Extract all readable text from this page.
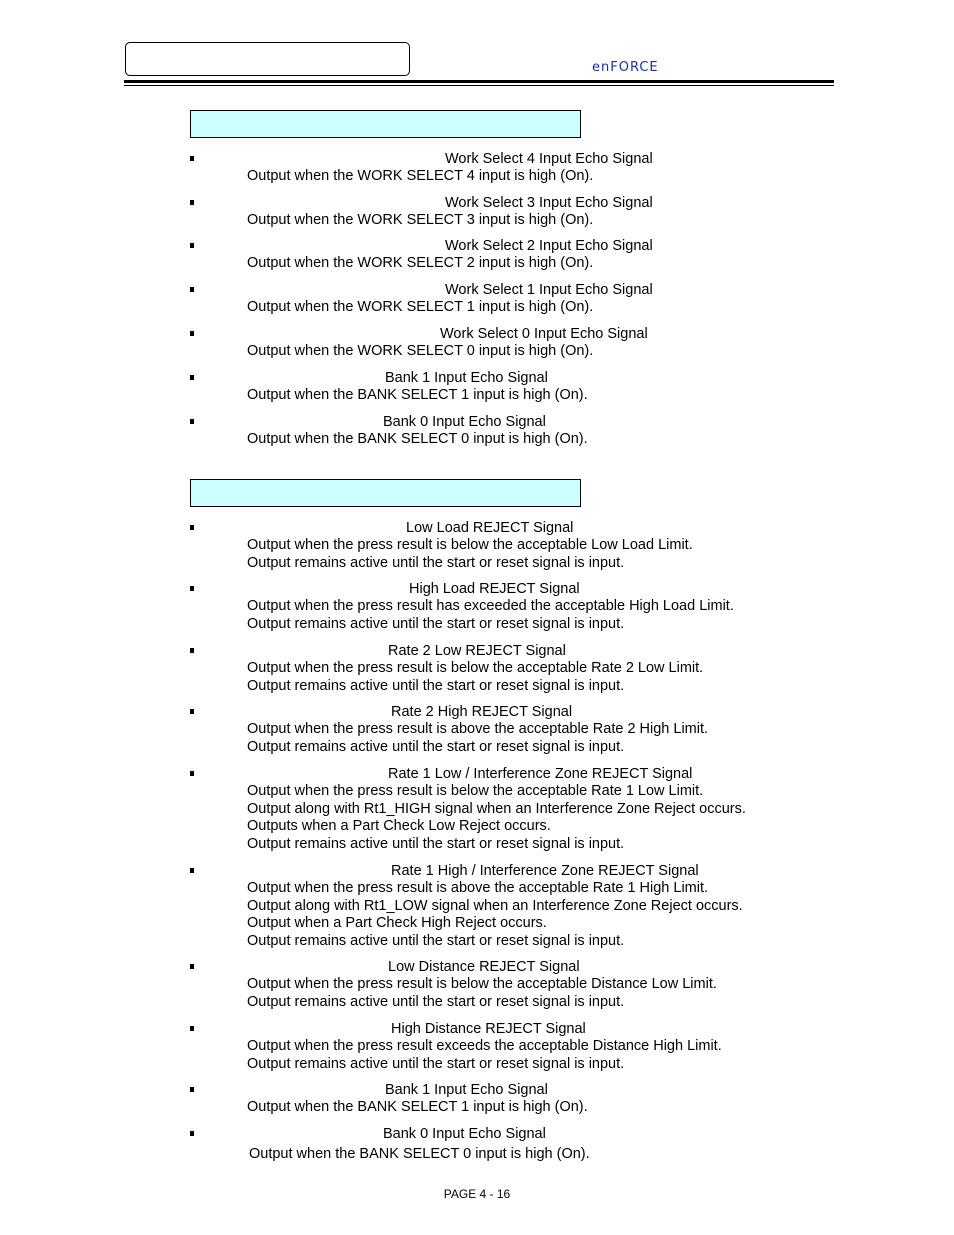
enFORCE
Work Select 4 Input Echo Signal
Output when the WORK SELECT 4 input is high (On).
Work Select 3 Input Echo Signal
Output when the WORK SELECT 3 input is high (On).
Work Select 2 Input Echo Signal
Output when the WORK SELECT 2 input is high (On).
Work Select 1 Input Echo Signal
Output when the WORK SELECT 1 input is high (On).
Work Select 0 Input Echo Signal
Output when the WORK SELECT 0 input is high (On).
Bank 1 Input Echo Signal
Output when the BANK SELECT 1 input is high (On).
Bank 0 Input Echo Signal
Output when the BANK SELECT 0 input is high (On).
Low Load REJECT Signal
Output when the press result is below the acceptable Low Load Limit.
Output remains active until the start or reset signal is input.
High Load REJECT Signal
Output when the press result has exceeded the acceptable High Load Limit.
Output remains active until the start or reset signal is input.
Rate 2 Low REJECT Signal
Output when the press result is below the acceptable Rate 2 Low Limit.
Output remains active until the start or reset signal is input.
Rate 2 High REJECT Signal
Output when the press result is above the acceptable Rate 2 High Limit.
Output remains active until the start or reset signal is input.
Rate 1 Low / Interference Zone REJECT Signal
Output when the press result is below the acceptable Rate 1 Low Limit.
Output along with Rt1_HIGH signal when an Interference Zone Reject occurs.
Outputs when a Part Check Low Reject occurs.
Output remains active until the start or reset signal is input.
Rate 1 High / Interference Zone REJECT Signal
Output when the press result is above the acceptable Rate 1 High Limit.
Output along with Rt1_LOW signal when an Interference Zone Reject occurs.
Output when a Part Check High Reject occurs.
Output remains active until the start or reset signal is input.
Low Distance REJECT Signal
Output when the press result is below the acceptable Distance Low Limit.
Output remains active until the start or reset signal is input.
High Distance REJECT Signal
Output when the press result exceeds the acceptable Distance High Limit.
Output remains active until the start or reset signal is input.
Bank 1 Input Echo Signal
Output when the BANK SELECT 1 input is high (On).
Bank 0 Input Echo Signal
Output when the BANK SELECT 0 input is high (On).
PAGE 4 - 16
